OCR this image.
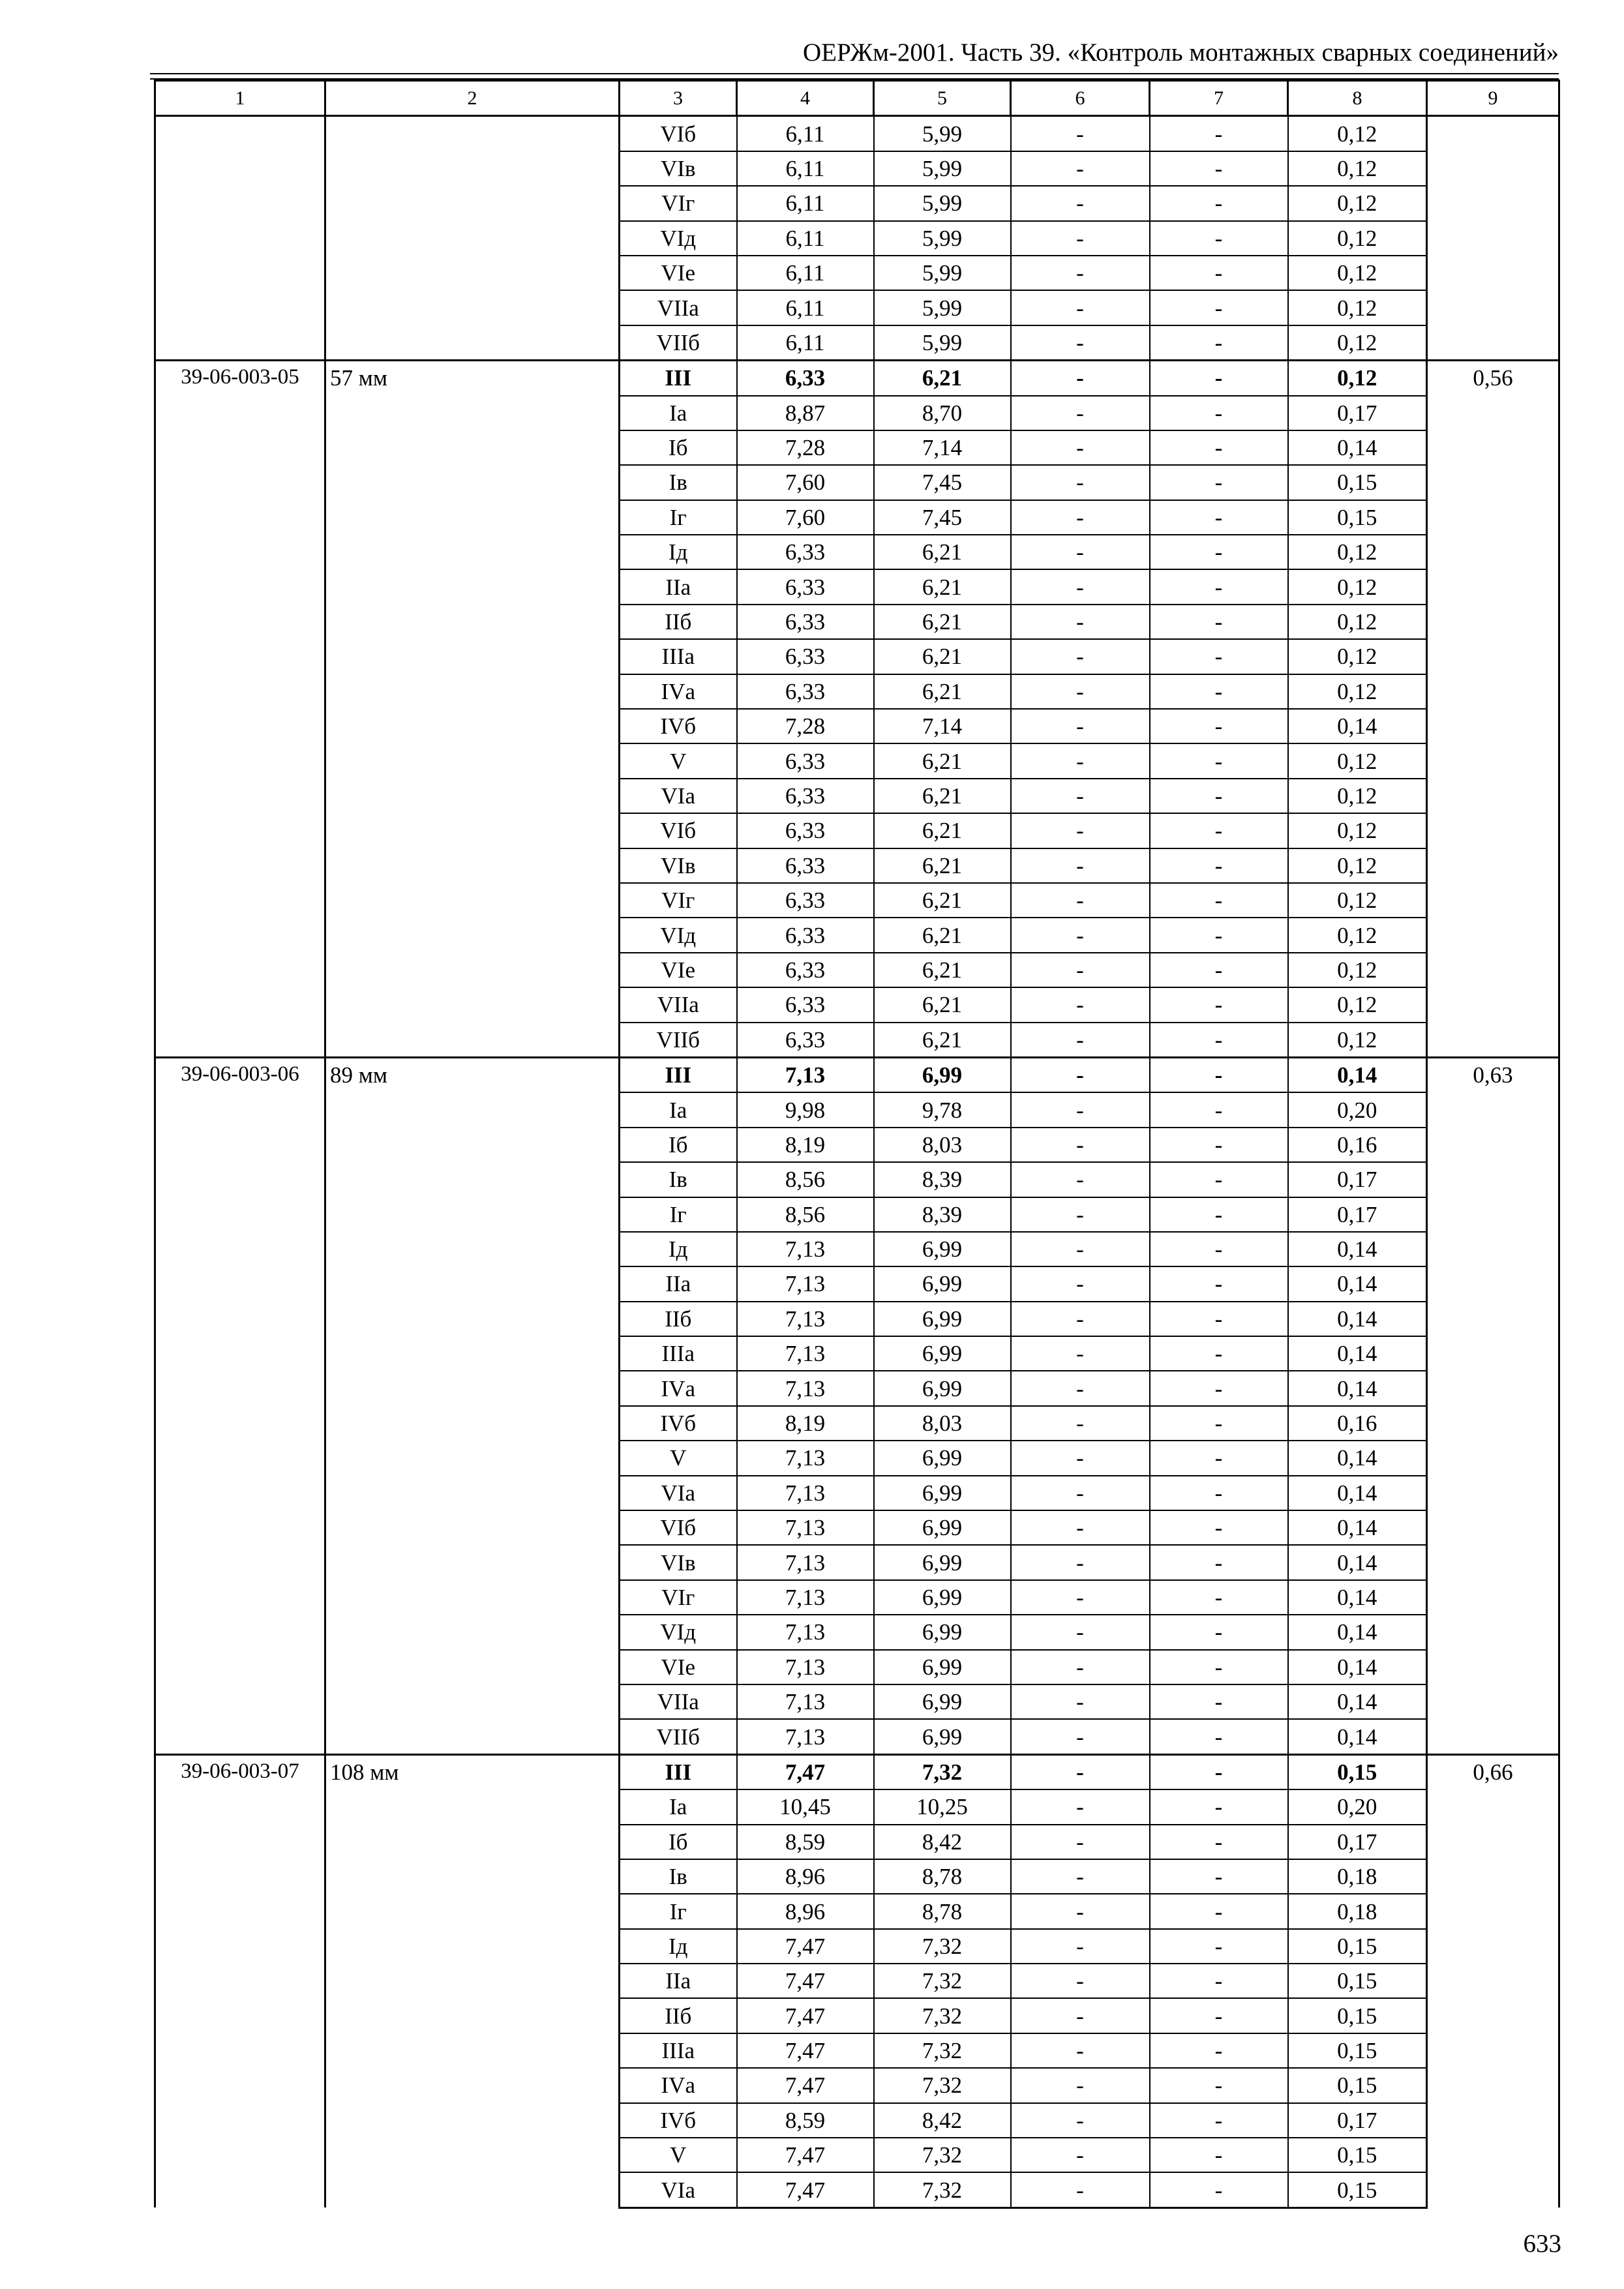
ОЕРЖм-2001. Часть 39. «Контроль монтажных сварных соединений»
1	2	3	4	5	6	7	8	9
		VIб	6,11	5,99	-	-	0,12	
		VIв	6,11	5,99	-	-	0,12	
		VIг	6,11	5,99	-	-	0,12	
		VIд	6,11	5,99	-	-	0,12	
		VIе	6,11	5,99	-	-	0,12	
		VIIа	6,11	5,99	-	-	0,12	
		VIIб	6,11	5,99	-	-	0,12	
39-06-003-05	57 мм	III	6,33	6,21	-	-	0,12	0,56
		Iа	8,87	8,70	-	-	0,17	
		Iб	7,28	7,14	-	-	0,14	
		Iв	7,60	7,45	-	-	0,15	
		Iг	7,60	7,45	-	-	0,15	
		Iд	6,33	6,21	-	-	0,12	
		IIа	6,33	6,21	-	-	0,12	
		IIб	6,33	6,21	-	-	0,12	
		IIIа	6,33	6,21	-	-	0,12	
		IVа	6,33	6,21	-	-	0,12	
		IVб	7,28	7,14	-	-	0,14	
		V	6,33	6,21	-	-	0,12	
		VIа	6,33	6,21	-	-	0,12	
		VIб	6,33	6,21	-	-	0,12	
		VIв	6,33	6,21	-	-	0,12	
		VIг	6,33	6,21	-	-	0,12	
		VIд	6,33	6,21	-	-	0,12	
		VIе	6,33	6,21	-	-	0,12	
		VIIа	6,33	6,21	-	-	0,12	
		VIIб	6,33	6,21	-	-	0,12	
39-06-003-06	89 мм	III	7,13	6,99	-	-	0,14	0,63
		Iа	9,98	9,78	-	-	0,20	
		Iб	8,19	8,03	-	-	0,16	
		Iв	8,56	8,39	-	-	0,17	
		Iг	8,56	8,39	-	-	0,17	
		Iд	7,13	6,99	-	-	0,14	
		IIа	7,13	6,99	-	-	0,14	
		IIб	7,13	6,99	-	-	0,14	
		IIIа	7,13	6,99	-	-	0,14	
		IVа	7,13	6,99	-	-	0,14	
		IVб	8,19	8,03	-	-	0,16	
		V	7,13	6,99	-	-	0,14	
		VIа	7,13	6,99	-	-	0,14	
		VIб	7,13	6,99	-	-	0,14	
		VIв	7,13	6,99	-	-	0,14	
		VIг	7,13	6,99	-	-	0,14	
		VIд	7,13	6,99	-	-	0,14	
		VIе	7,13	6,99	-	-	0,14	
		VIIа	7,13	6,99	-	-	0,14	
		VIIб	7,13	6,99	-	-	0,14	
39-06-003-07	108 мм	III	7,47	7,32	-	-	0,15	0,66
		Iа	10,45	10,25	-	-	0,20	
		Iб	8,59	8,42	-	-	0,17	
		Iв	8,96	8,78	-	-	0,18	
		Iг	8,96	8,78	-	-	0,18	
		Iд	7,47	7,32	-	-	0,15	
		IIа	7,47	7,32	-	-	0,15	
		IIб	7,47	7,32	-	-	0,15	
		IIIа	7,47	7,32	-	-	0,15	
		IVа	7,47	7,32	-	-	0,15	
		IVб	8,59	8,42	-	-	0,17	
		V	7,47	7,32	-	-	0,15	
		VIа	7,47	7,32	-	-	0,15	
633
